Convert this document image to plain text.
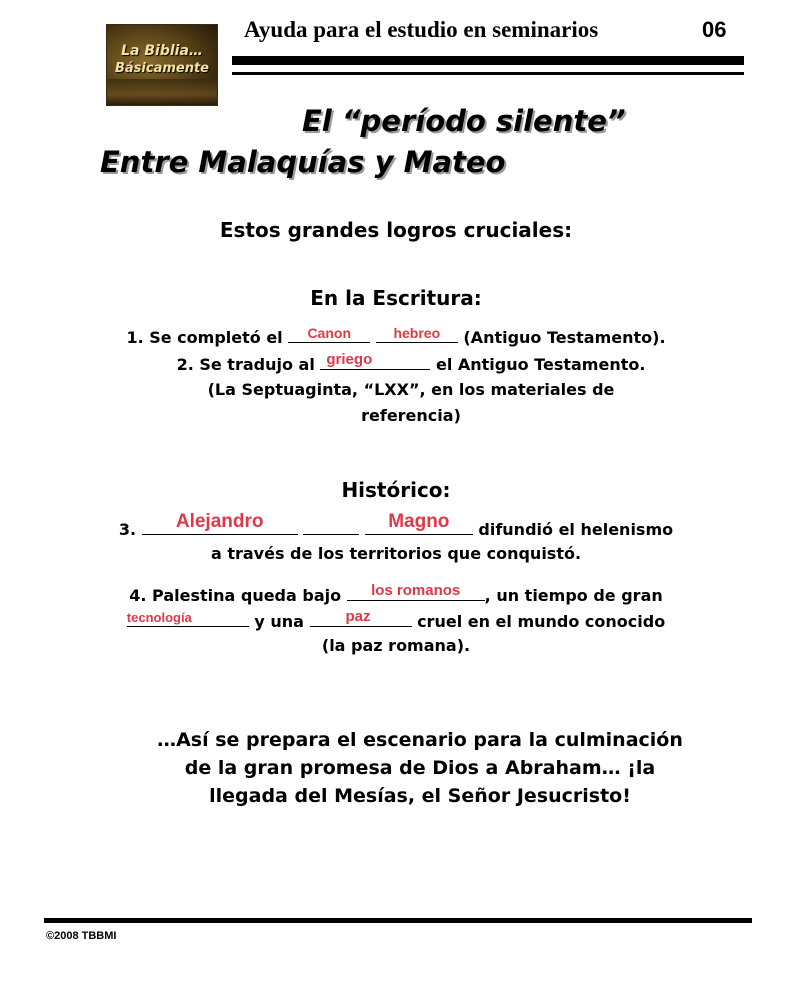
La Biblia…
Básicamente
Ayuda para el estudio en seminarios	06
El “período silente”
Entre Malaquías y Mateo
Estos grandes logros cruciales:
En la Escritura:
1. Se completó el	Canon
	hebreo	(Antiguo Testamento).
2. Se tradujo al griego	el Antiguo Testamento.
(La Septuaginta, “LXX”, en los materiales de
referencia)
Histórico:
3.	Alejandro
	Magno	difundió el helenismo
a través de los territorios que conquistó.
4. Palestina queda bajo	los romanos	, un tiempo de gran
tecnología	y una	paz	cruel en el mundo conocido
(la paz romana).
…Así se prepara el escenario para la culminación
de la gran promesa de Dios a Abraham… ¡la
llegada del Mesías, el Señor Jesucristo!
©2008 TBBMI
